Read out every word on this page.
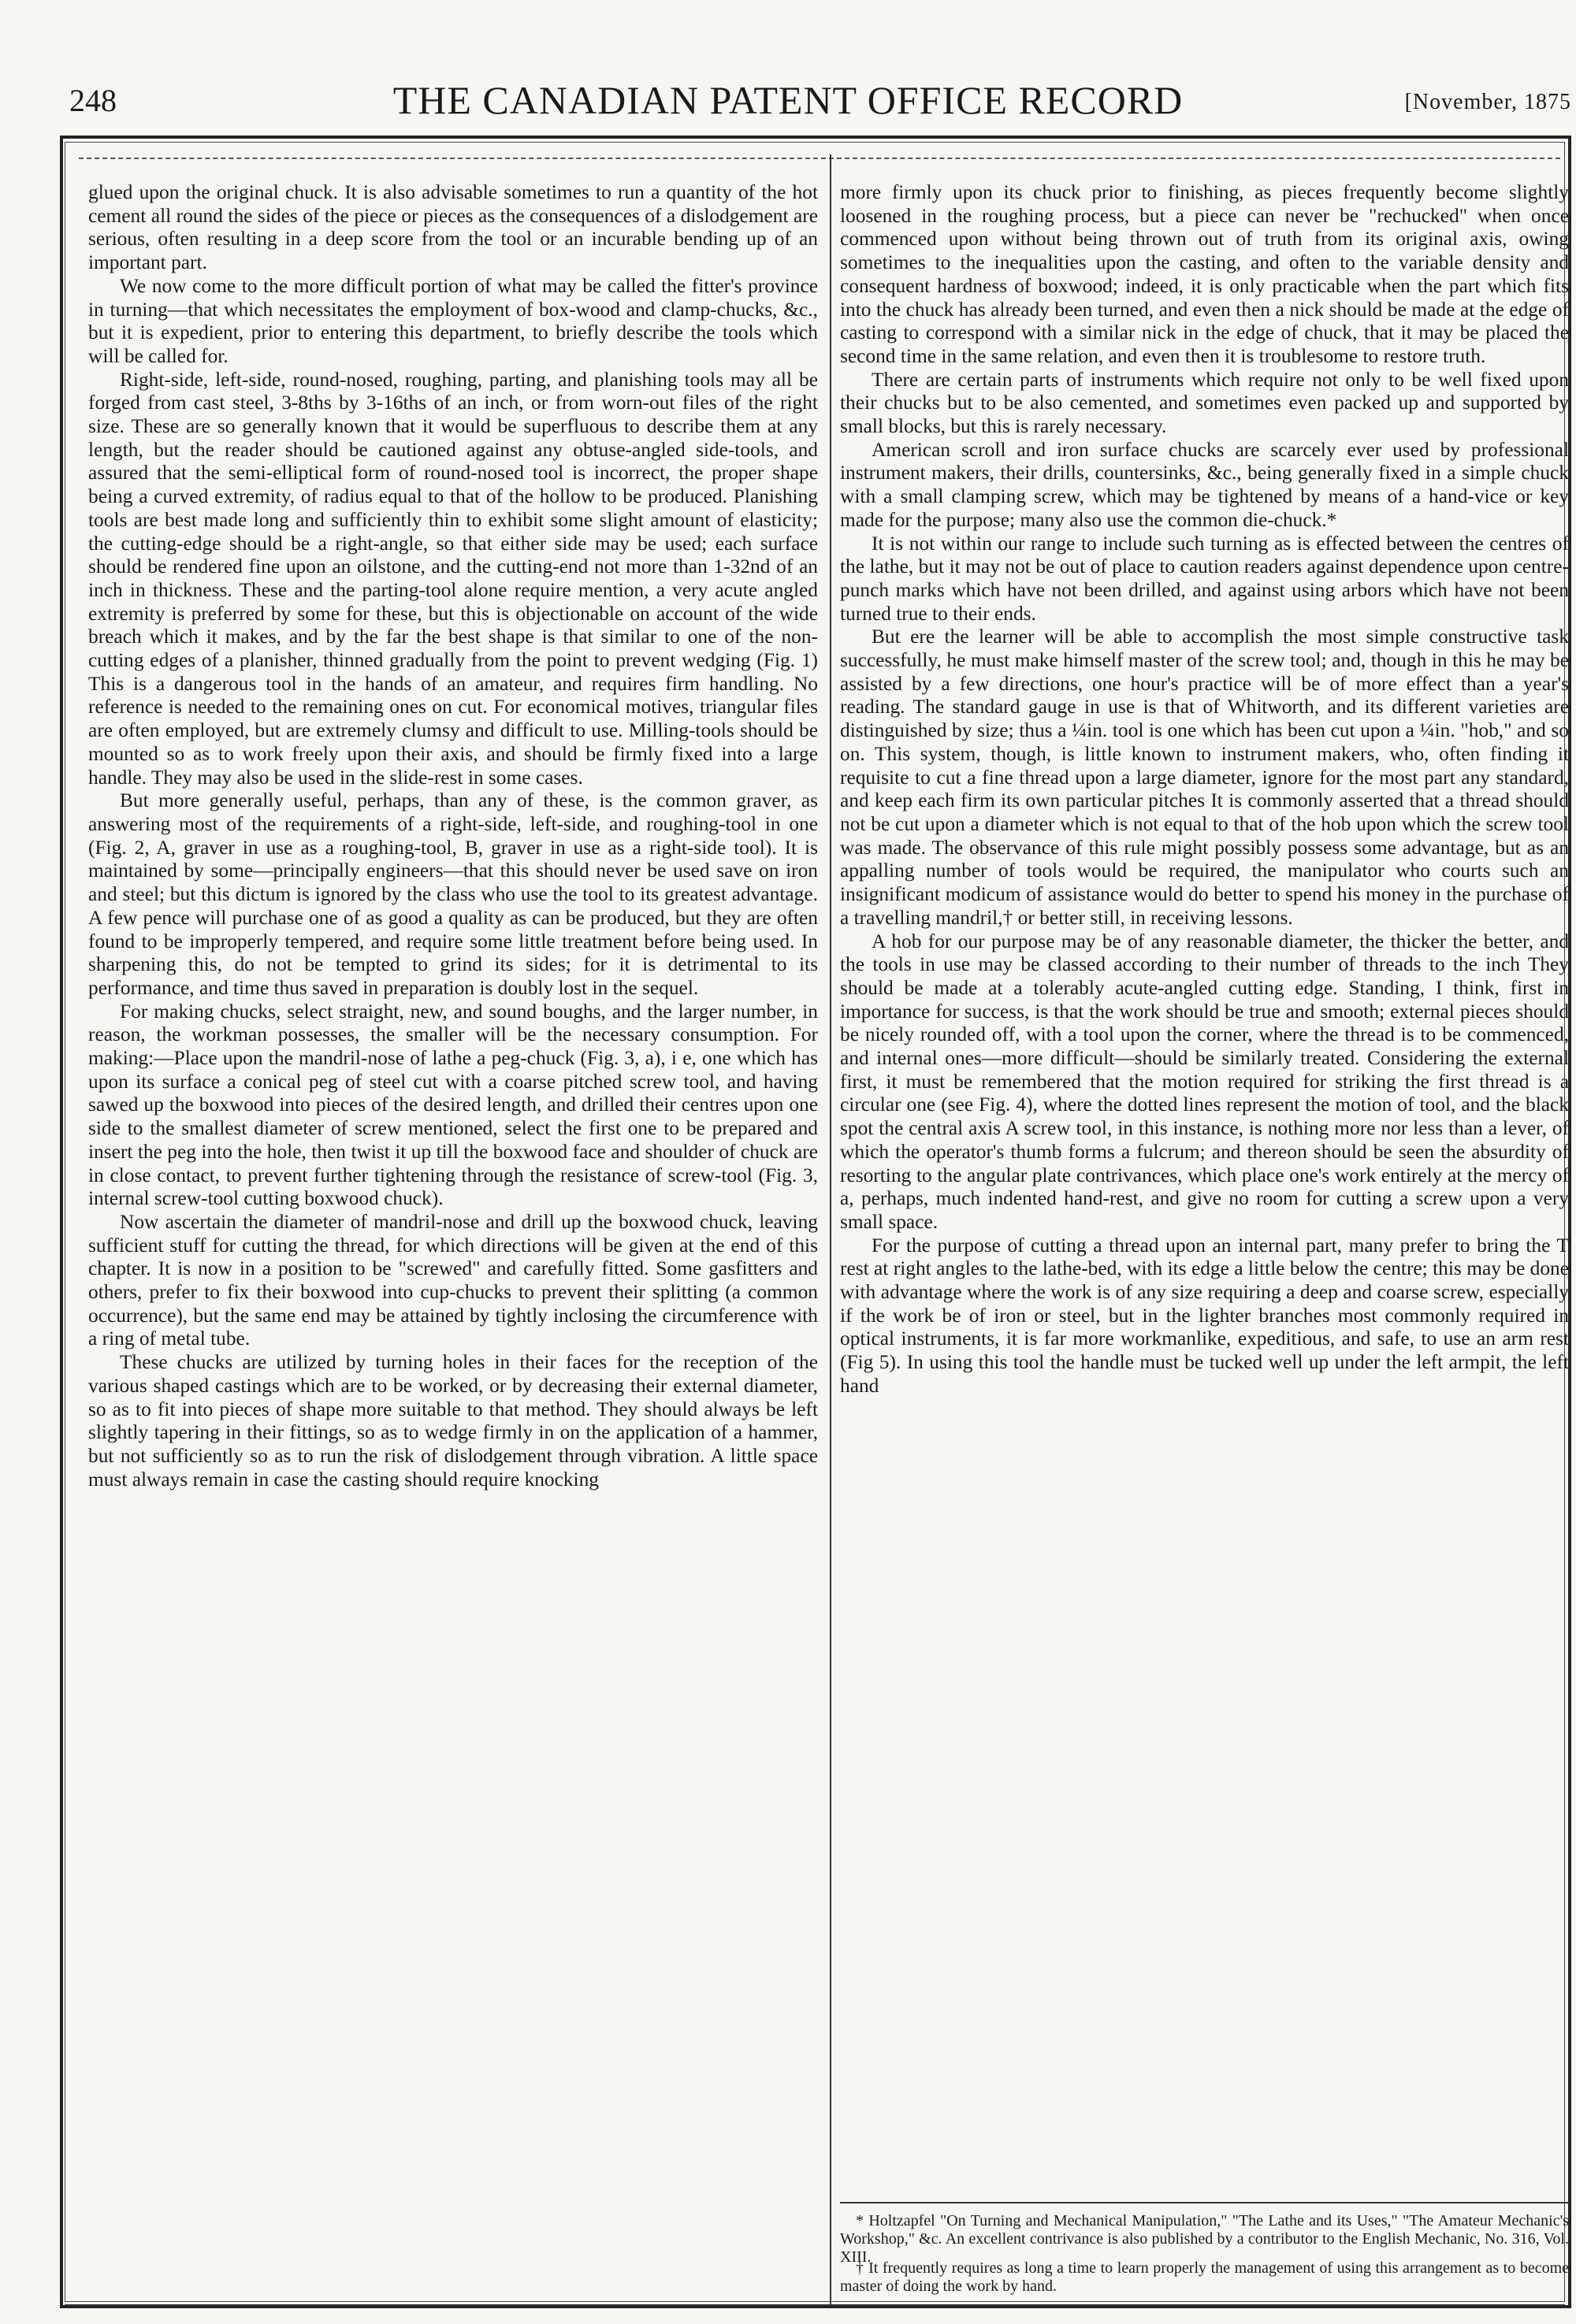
248	THE CANADIAN PATENT OFFICE RECORD	[November, 1875

glued upon the original chuck. It is also advisable sometimes to run a quantity of the hot cement all round the sides of the piece or pieces as the consequences of a dislodgement are serious, often resulting in a deep score from the tool or an incurable bending up of an important part.

We now come to the more difficult portion of what may be called the fitter's province in turning—that which necessitates the employment of box-wood and clamp-chucks, &c., but it is expedient, prior to entering this department, to briefly describe the tools which will be called for.

Right-side, left-side, round-nosed, roughing, parting, and planishing tools may all be forged from cast steel, 3-8ths by 3-16ths of an inch, or from worn-out files of the right size. These are so generally known that it would be superfluous to describe them at any length, but the reader should be cautioned against any obtuse-angled side-tools, and assured that the semi-elliptical form of round-nosed tool is incorrect, the proper shape being a curved extremity, of radius equal to that of the hollow to be produced. Planishing tools are best made long and sufficiently thin to exhibit some slight amount of elasticity; the cutting-edge should be a right-angle, so that either side may be used; each surface should be rendered fine upon an oilstone, and the cutting-end not more than 1-32nd of an inch in thickness. These and the parting-tool alone require mention, a very acute angled extremity is preferred by some for these, but this is objectionable on account of the wide breach which it makes, and by the far the best shape is that similar to one of the non-cutting edges of a planisher, thinned gradually from the point to prevent wedging (Fig. 1) This is a dangerous tool in the hands of an amateur, and requires firm handling. No reference is needed to the remaining ones on cut. For economical motives, triangular files are often employed, but are extremely clumsy and difficult to use. Milling-tools should be mounted so as to work freely upon their axis, and should be firmly fixed into a large handle. They may also be used in the slide-rest in some cases.

But more generally useful, perhaps, than any of these, is the common graver, as answering most of the requirements of a right-side, left-side, and roughing-tool in one (Fig. 2, A, graver in use as a roughing-tool, B, graver in use as a right-side tool). It is maintained by some—principally engineers—that this should never be used save on iron and steel; but this dictum is ignored by the class who use the tool to its greatest advantage. A few pence will purchase one of as good a quality as can be produced, but they are often found to be improperly tempered, and require some little treatment before being used. In sharpening this, do not be tempted to grind its sides; for it is detrimental to its performance, and time thus saved in preparation is doubly lost in the sequel.

For making chucks, select straight, new, and sound boughs, and the larger number, in reason, the workman possesses, the smaller will be the necessary consumption. For making:—Place upon the mandril-nose of lathe a peg-chuck (Fig. 3, a), i e, one which has upon its surface a conical peg of steel cut with a coarse pitched screw tool, and having sawed up the boxwood into pieces of the desired length, and drilled their centres upon one side to the smallest diameter of screw mentioned, select the first one to be prepared and insert the peg into the hole, then twist it up till the boxwood face and shoulder of chuck are in close contact, to prevent further tightening through the resistance of screw-tool (Fig. 3, internal screw-tool cutting boxwood chuck).

Now ascertain the diameter of mandril-nose and drill up the boxwood chuck, leaving sufficient stuff for cutting the thread, for which directions will be given at the end of this chapter. It is now in a position to be "screwed" and carefully fitted. Some gasfitters and others, prefer to fix their boxwood into cup-chucks to prevent their splitting (a common occurrence), but the same end may be attained by tightly inclosing the circumference with a ring of metal tube.

These chucks are utilized by turning holes in their faces for the reception of the various shaped castings which are to be worked, or by decreasing their external diameter, so as to fit into pieces of shape more suitable to that method. They should always be left slightly tapering in their fittings, so as to wedge firmly in on the application of a hammer, but not sufficiently so as to run the risk of dislodgement through vibration. A little space must always remain in case the casting should require knocking

more firmly upon its chuck prior to finishing, as pieces frequently become slightly loosened in the roughing process, but a piece can never be "rechucked" when once commenced upon without being thrown out of truth from its original axis, owing sometimes to the inequalities upon the casting, and often to the variable density and consequent hardness of boxwood; indeed, it is only practicable when the part which fits into the chuck has already been turned, and even then a nick should be made at the edge of casting to correspond with a similar nick in the edge of chuck, that it may be placed the second time in the same relation, and even then it is troublesome to restore truth.

There are certain parts of instruments which require not only to be well fixed upon their chucks but to be also cemented, and sometimes even packed up and supported by small blocks, but this is rarely necessary.

American scroll and iron surface chucks are scarcely ever used by professional instrument makers, their drills, countersinks, &c., being generally fixed in a simple chuck with a small clamping screw, which may be tightened by means of a hand-vice or key made for the purpose; many also use the common die-chuck.*

It is not within our range to include such turning as is effected between the centres of the lathe, but it may not be out of place to caution readers against dependence upon centre-punch marks which have not been drilled, and against using arbors which have not been turned true to their ends.

But ere the learner will be able to accomplish the most simple constructive task successfully, he must make himself master of the screw tool; and, though in this he may be assisted by a few directions, one hour's practice will be of more effect than a year's reading. The standard gauge in use is that of Whitworth, and its different varieties are distinguished by size; thus a ¼in. tool is one which has been cut upon a ¼in. "hob," and so on. This system, though, is little known to instrument makers, who, often finding it requisite to cut a fine thread upon a large diameter, ignore for the most part any standard, and keep each firm its own particular pitches It is commonly asserted that a thread should not be cut upon a diameter which is not equal to that of the hob upon which the screw tool was made. The observance of this rule might possibly possess some advantage, but as an appalling number of tools would be required, the manipulator who courts such an insignificant modicum of assistance would do better to spend his money in the purchase of a travelling mandril,† or better still, in receiving lessons.

A hob for our purpose may be of any reasonable diameter, the thicker the better, and the tools in use may be classed according to their number of threads to the inch They should be made at a tolerably acute-angled cutting edge. Standing, I think, first in importance for success, is that the work should be true and smooth; external pieces should be nicely rounded off, with a tool upon the corner, where the thread is to be commenced, and internal ones—more difficult—should be similarly treated. Considering the external first, it must be remembered that the motion required for striking the first thread is a circular one (see Fig. 4), where the dotted lines represent the motion of tool, and the black spot the central axis A screw tool, in this instance, is nothing more nor less than a lever, of which the operator's thumb forms a fulcrum; and thereon should be seen the absurdity of resorting to the angular plate contrivances, which place one's work entirely at the mercy of a, perhaps, much indented hand-rest, and give no room for cutting a screw upon a very small space.

For the purpose of cutting a thread upon an internal part, many prefer to bring the T rest at right angles to the lathe-bed, with its edge a little below the centre; this may be done with advantage where the work is of any size requiring a deep and coarse screw, especially if the work be of iron or steel, but in the lighter branches most commonly required in optical instruments, it is far more workmanlike, expeditious, and safe, to use an arm rest (Fig 5). In using this tool the handle must be tucked well up under the left armpit, the left hand

* Holtzapfel "On Turning and Mechanical Manipulation," "The Lathe and its Uses," "The Amateur Mechanic's Workshop," &c. An excellent contrivance is also published by a contributor to the English Mechanic, No. 316, Vol. XIII.

† It frequently requires as long a time to learn properly the management of using this arrangement as to become master of doing the work by hand.
